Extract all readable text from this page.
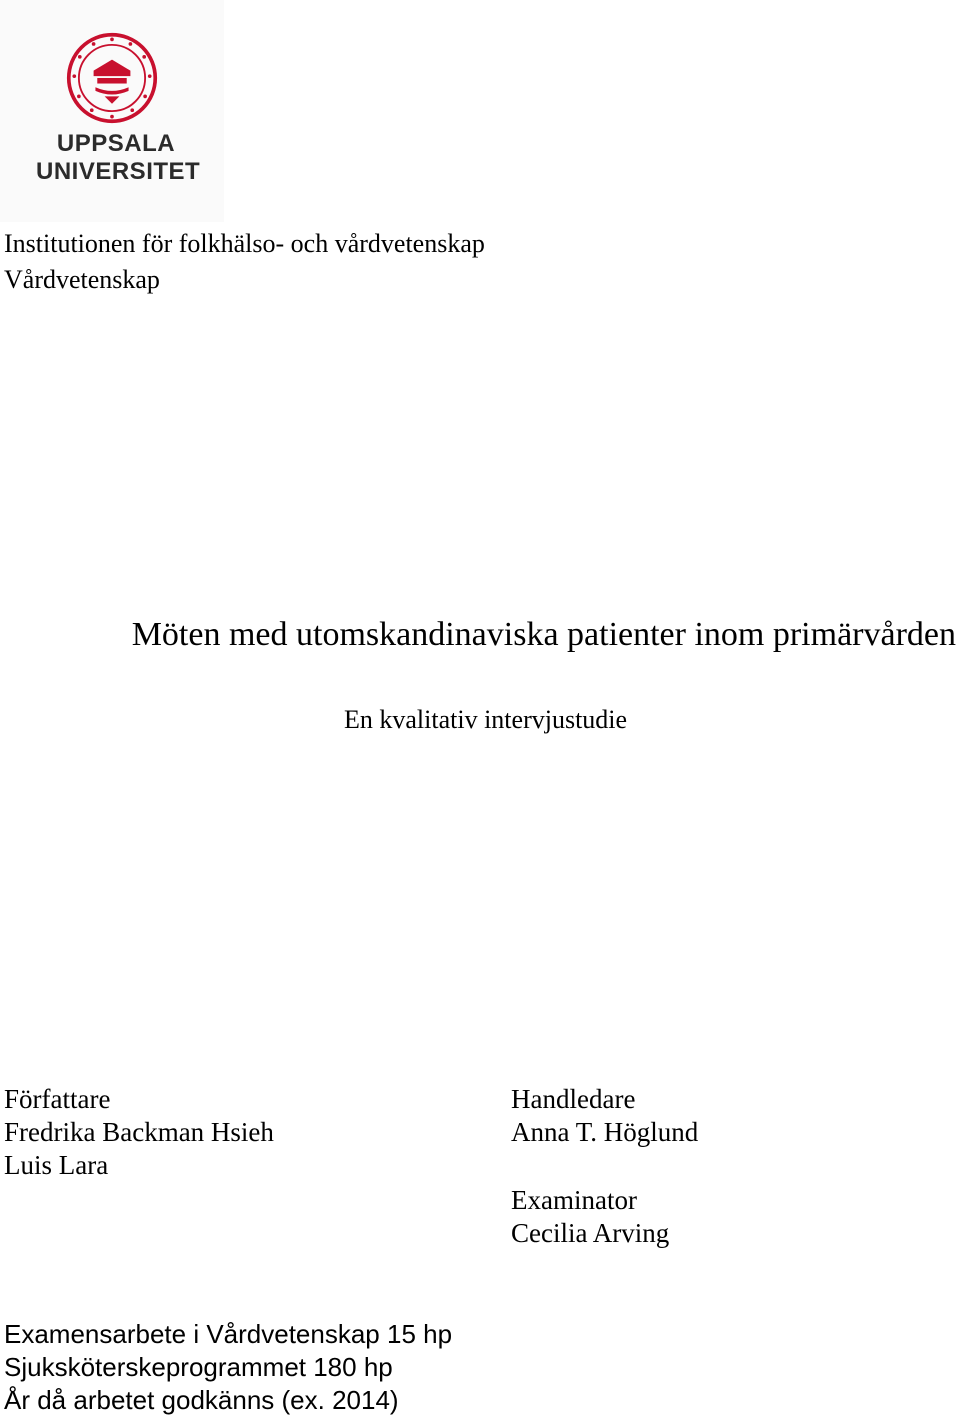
UPPSALA
UNIVERSITET
Institutionen för folkhälso- och vårdvetenskap
Vårdvetenskap
Möten med utomskandinaviska patienter inom primärvården
En kvalitativ intervjustudie
Författare
Fredrika Backman Hsieh
Luis Lara
Handledare
Anna T. Höglund
Examinator
Cecilia Arving
Examensarbete i Vårdvetenskap 15 hp
Sjuksköterskeprogrammet 180 hp
År då arbetet godkänns (ex. 2014)
